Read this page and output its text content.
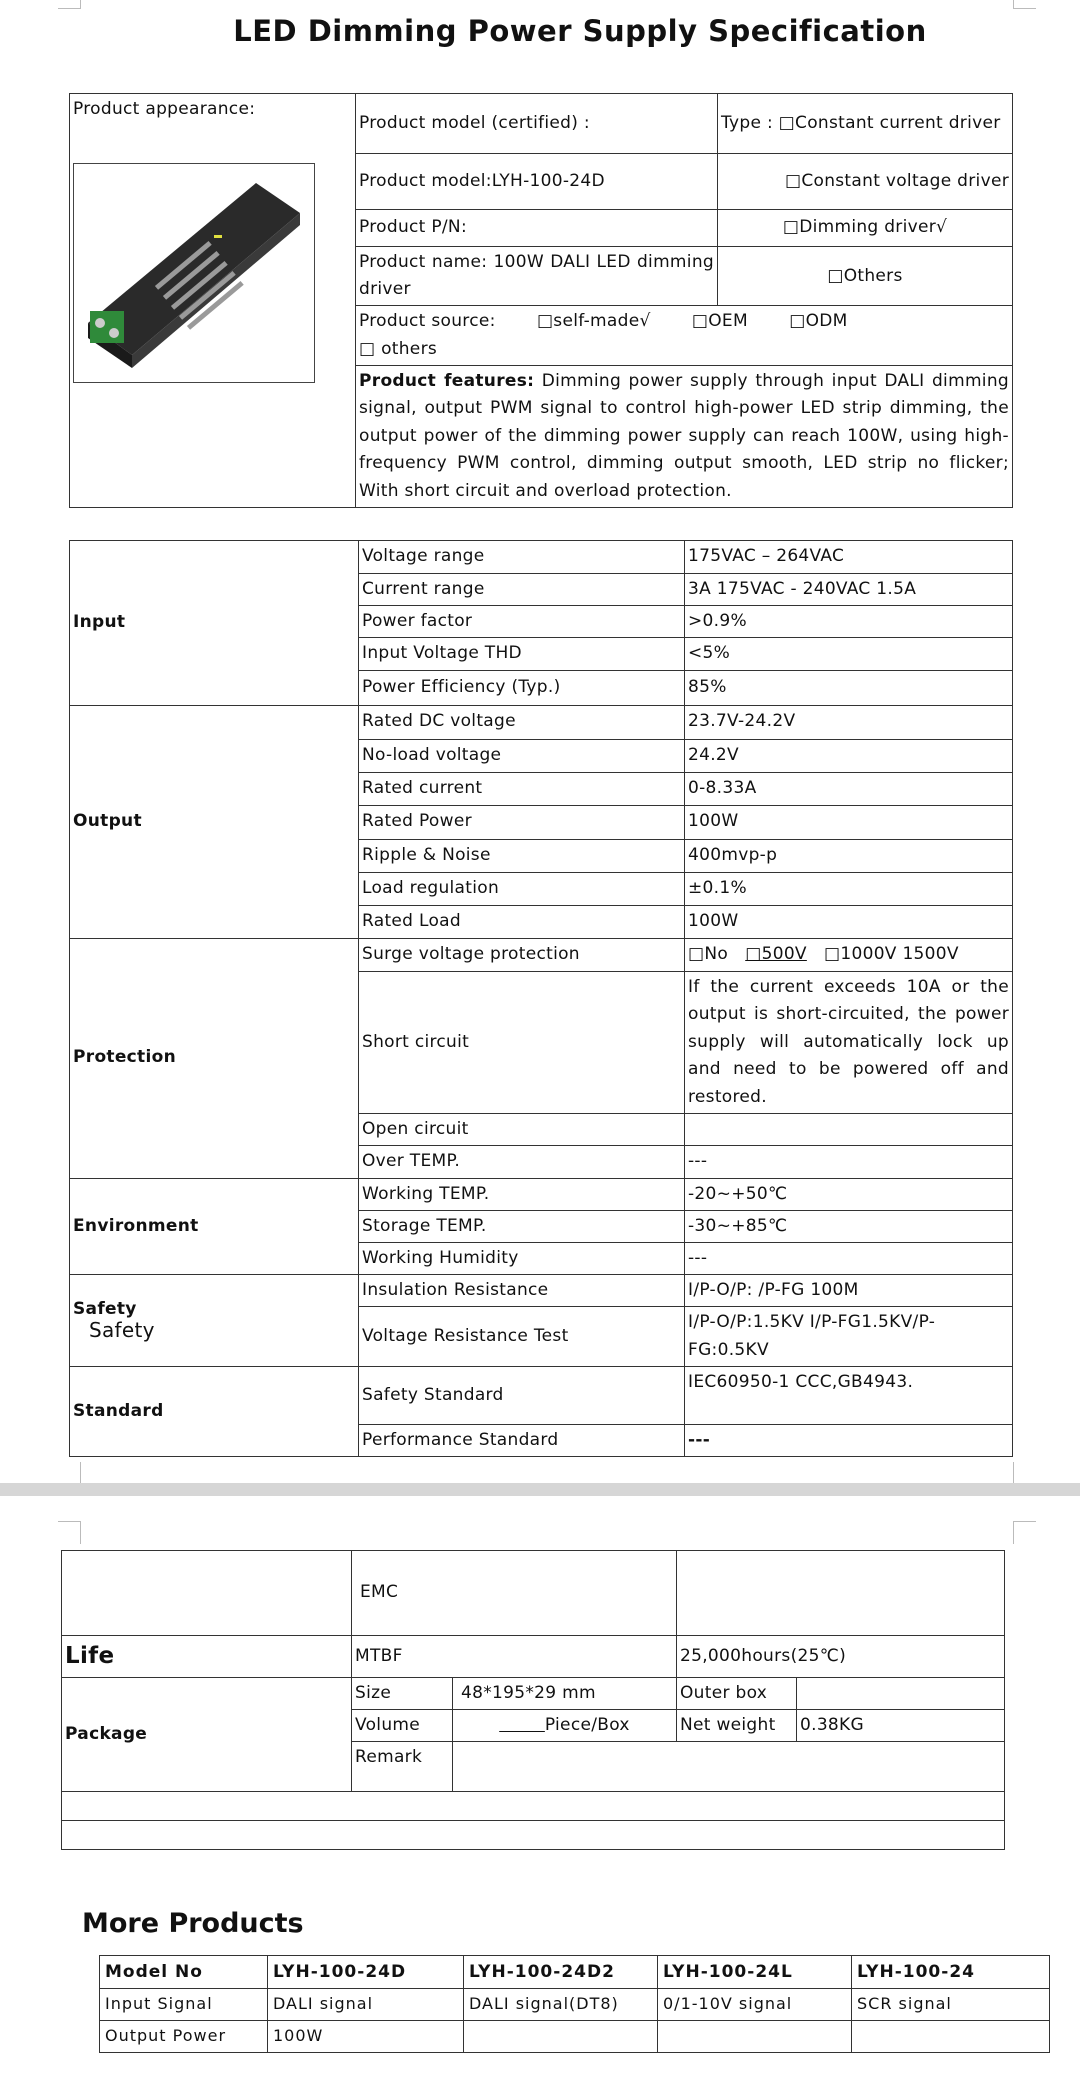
LED Dimming Power Supply Specification
Product appearance:	Product model (certified) :	Type : □Constant current driver
	Product model:LYH-100-24D	□Constant voltage driver
	Product P/N:	□Dimming driver√
	Product name: 100W DALI LED dimming driver	□Others

	Product source: □self-made√ □OEM □ODM
□ others	

	Product features: Dimming power supply through input DALI dimming signal, output PWM signal to control high-power LED strip dimming, the output power of the dimming power supply can reach 100W, using high-frequency PWM control, dimming output smooth, LED strip no flicker; With short circuit and overload protection.	
Input	Voltage range	175VAC – 264VAC
	Current range	3A 175VAC - 240VAC 1.5A
	Power factor	>0.9%
	Input Voltage THD	<5%
	Power Efficiency (Typ.)	85%
Output	Rated DC voltage	23.7V-24.2V
	No-load voltage	24.2V
	Rated current	0-8.33A
	Rated Power	100W
	Ripple & Noise	400mvp-p
	Load regulation	±0.1%
	Rated Load	100W
Protection	Surge voltage protection	□No □500V □1000V 1500V
	Short circuit	If the current exceeds 10A or the output is short-circuited, the power supply will automatically lock up and need to be powered off and restored.
	Open circuit	
	Over TEMP.	---
Environment	Working TEMP.	-20~+50℃
	Storage TEMP.	-30~+85℃
	Working Humidity	---

Safety
Safety	Insulation Resistance	I/P-O/P: /P-FG 100M
	Voltage Resistance Test	I/P-O/P:1.5KV I/P-FG1.5KV/P-FG:0.5KV
Standard	Safety Standard	IEC60950-1 CCC,GB4943.
	Performance Standard	---
	EMC			
Life	MTBF		25,000hours(25℃)	
Package	Size	48*195*29 mm	Outer box	
	Volume	Piece/Box	Net weight	0.38KG
	Remark			

More Products
Model No	LYH-100-24D	LYH-100-24D2	LYH-100-24L	LYH-100-24
Input Signal	DALI signal	DALI signal(DT8)	0/1-10V signal	SCR signal
Output Power	100W			
